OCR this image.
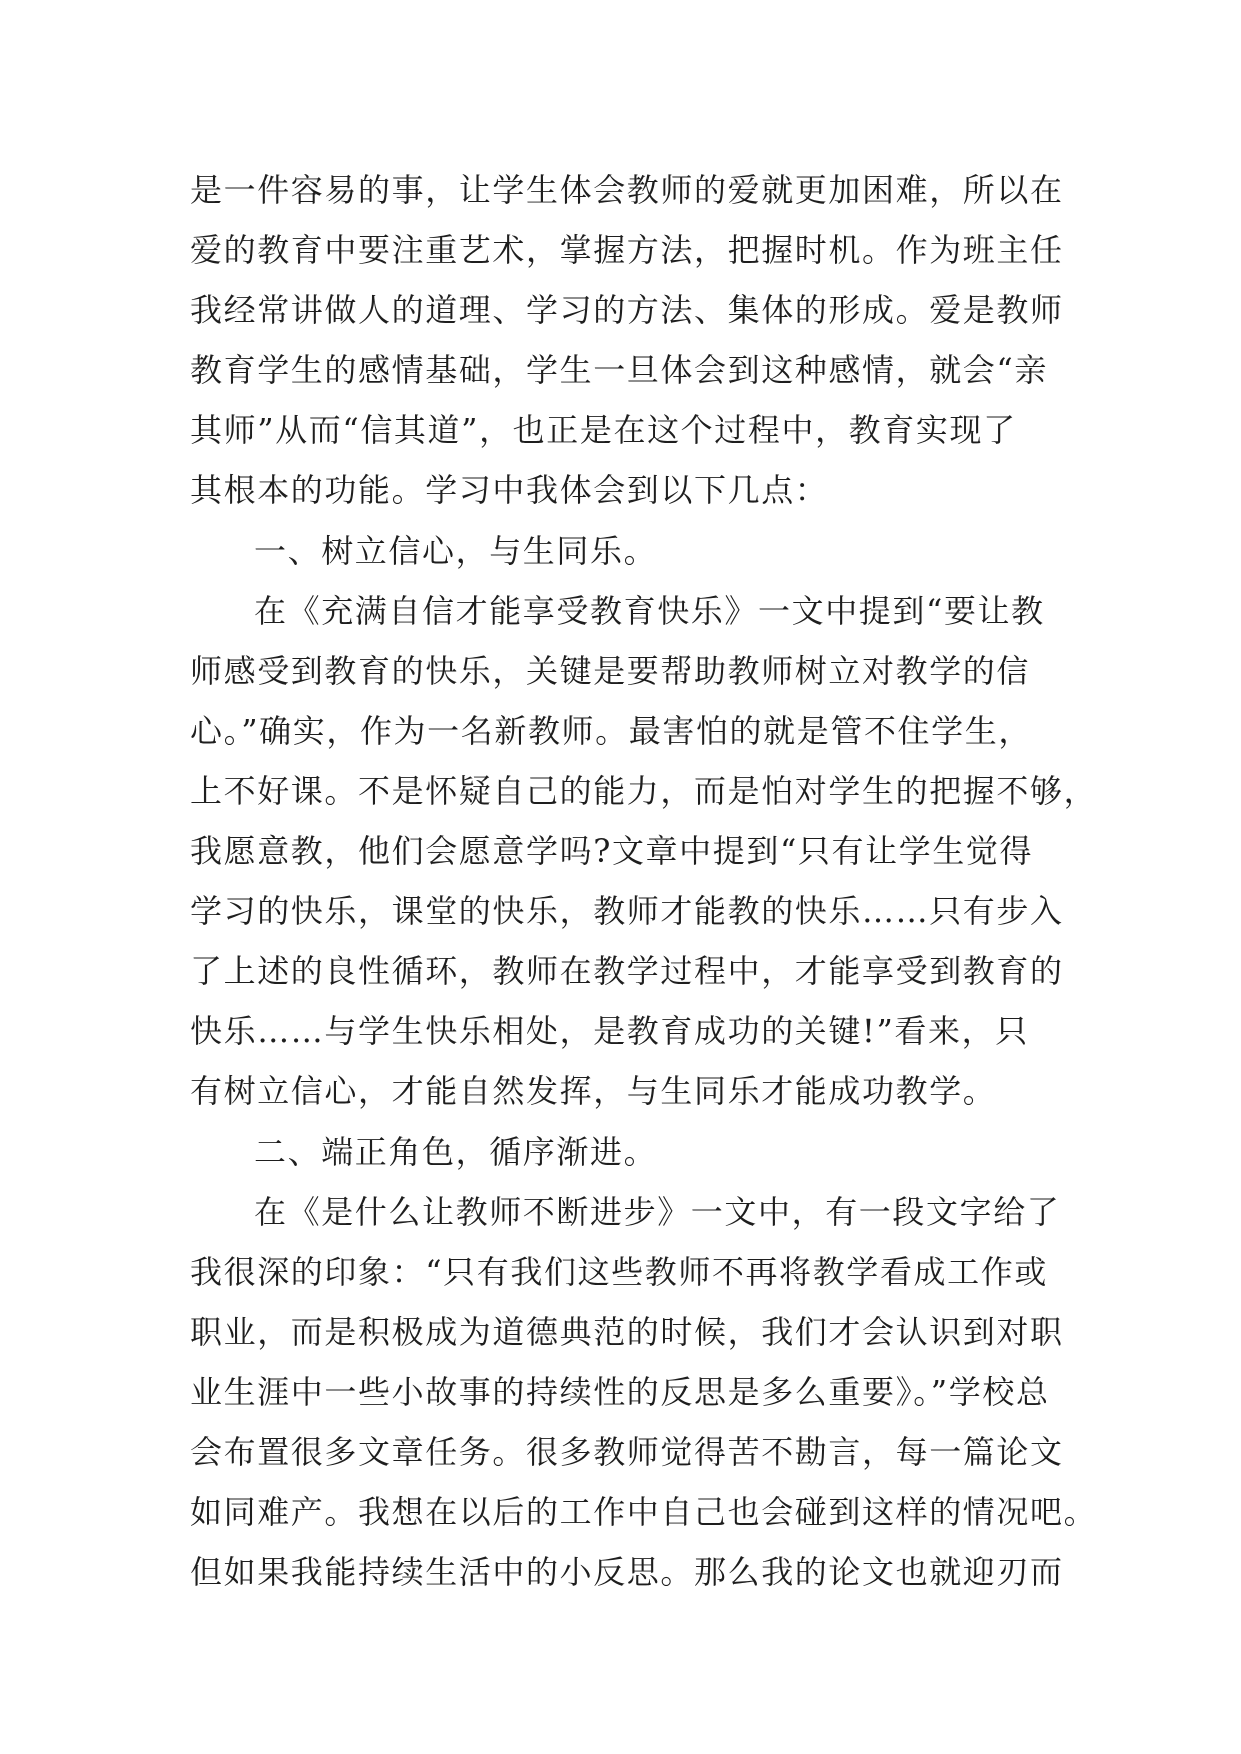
是一件容易的事，让学生体会教师的爱就更加困难，所以在
爱的教育中要注重艺术，掌握方法，把握时机。作为班主任
我经常讲做人的道理、学习的方法、集体的形成。爱是教师
教育学生的感情基础，学生一旦体会到这种感情，就会“亲
其师”从而“信其道”，也正是在这个过程中，教育实现了
其根本的功能。学习中我体会到以下几点：
一、树立信心，与生同乐。
在《充满自信才能享受教育快乐》一文中提到“要让教
师感受到教育的快乐，关键是要帮助教师树立对教学的信
心。”确实，作为一名新教师。最害怕的就是管不住学生，
上不好课。不是怀疑自己的能力，而是怕对学生的把握不够，
我愿意教，他们会愿意学吗?文章中提到“只有让学生觉得
学习的快乐，课堂的快乐，教师才能教的快乐……只有步入
了上述的良性循环，教师在教学过程中，才能享受到教育的
快乐……与学生快乐相处，是教育成功的关键!”看来，只
有树立信心，才能自然发挥，与生同乐才能成功教学。
二、端正角色，循序渐进。
在《是什么让教师不断进步》一文中，有一段文字给了
我很深的印象：“只有我们这些教师不再将教学看成工作或
职业，而是积极成为道德典范的时候，我们才会认识到对职
业生涯中一些小故事的持续性的反思是多么重要》。”学校总
会布置很多文章任务。很多教师觉得苦不勘言，每一篇论文
如同难产。我想在以后的工作中自己也会碰到这样的情况吧。
但如果我能持续生活中的小反思。那么我的论文也就迎刃而
